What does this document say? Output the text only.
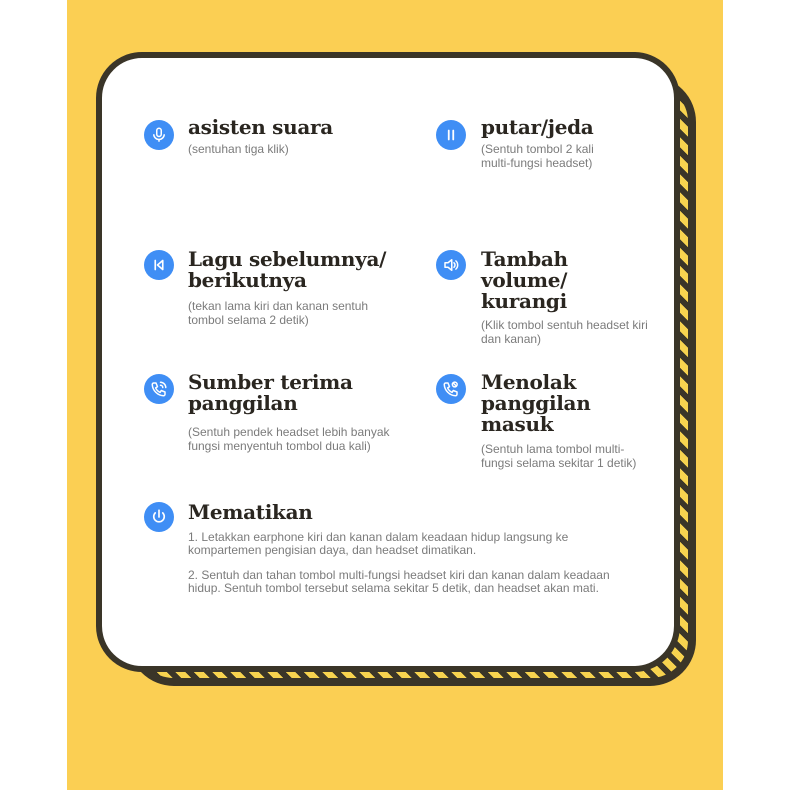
asisten suara
(sentuhan tiga klik)
putar/jeda
(Sentuh tombol 2 kali multi-fungsi headset)
Lagu sebelumnya/ berikutnya
(tekan lama kiri dan kanan sentuh tombol selama 2 detik)
Tambah volume/ kurangi
(Klik tombol sentuh headset kiri dan kanan)
Sumber terima panggilan
(Sentuh pendek headset lebih banyak fungsi menyentuh tombol dua kali)
Menolak panggilan masuk
(Sentuh lama tombol multi-fungsi selama sekitar 1 detik)
Mematikan
1. Letakkan earphone kiri dan kanan dalam keadaan hidup langsung ke kompartemen pengisian daya, dan headset dimatikan.
2. Sentuh dan tahan tombol multi-fungsi headset kiri dan kanan dalam keadaan hidup. Sentuh tombol tersebut selama sekitar 5 detik, dan headset akan mati.
